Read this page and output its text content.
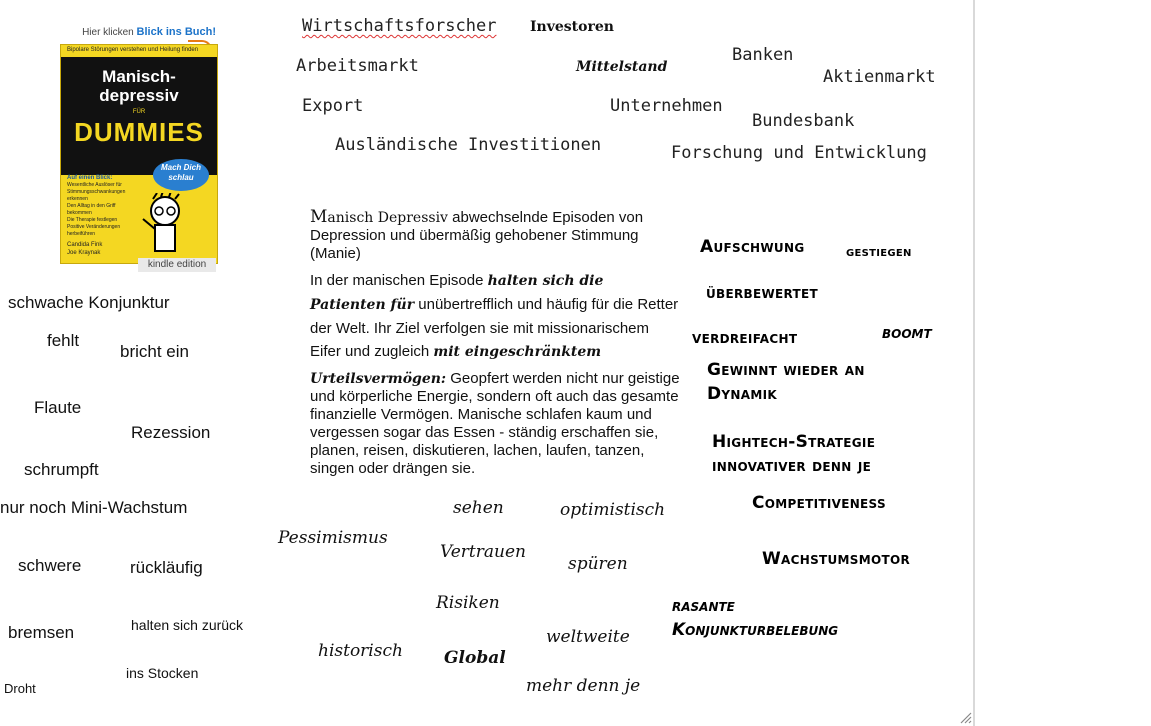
Hier klicken Blick ins Buch!
Bipolare Störungen verstehen und Heilung finden
Manisch-
depressiv
FÜR
DUMMIES
Mach Dich schlau
Auf einen Blick:
Wesentliche Auslöser für Stimmungsschwankungen erkennen
Den Alltag in den Griff bekommen
Die Therapie festlegen
Positive Veränderungen herbeiführen
Candida Fink
Joe Kraynak
kindle edition
Wirtschaftsforscher Investoren
Arbeitsmarkt	Mittelstand
Banken
Aktienmarkt
Export	Unternehmen
Bundesbank
Ausländische Investitionen	Forschung und Entwicklung
schwache Konjunktur
fehlt
bricht ein
Flaute
Rezession
schrumpft
nur noch Mini-Wachstum
schwere	rückläufig
bremsen	halten sich zurück
ins Stocken
Droht
Manisch Depressiv abwechselnde Episoden von Depression und übermäßig gehobener Stimmung (Manie)
In der manischen Episode halten sich die Patienten für unübertrefflich und häufig für die Retter der Welt. Ihr Ziel verfolgen sie mit missionarischem Eifer und zugleich mit eingeschränktem
Urteilsvermögen: Geopfert werden nicht nur geistige und körperliche Energie, sondern oft auch das gesamte finanzielle Vermögen. Manische schlafen kaum und vergessen sogar das Essen - ständig erschaffen sie, planen, reisen, diskutieren, lachen, laufen, tanzen, singen oder drängen sie.
sehen	optimistisch
Pessimismus
Vertrauen
spüren
Risiken
weltweite
historisch Global
mehr denn je
Aufschwung	gestiegen
überbewertet
verdreifacht	boomt
Gewinnt wieder an
Dynamik
Hightech-Strategie
innovativer denn je
Competitiveness
Wachstumsmotor
rasante
Konjunkturbelebung
